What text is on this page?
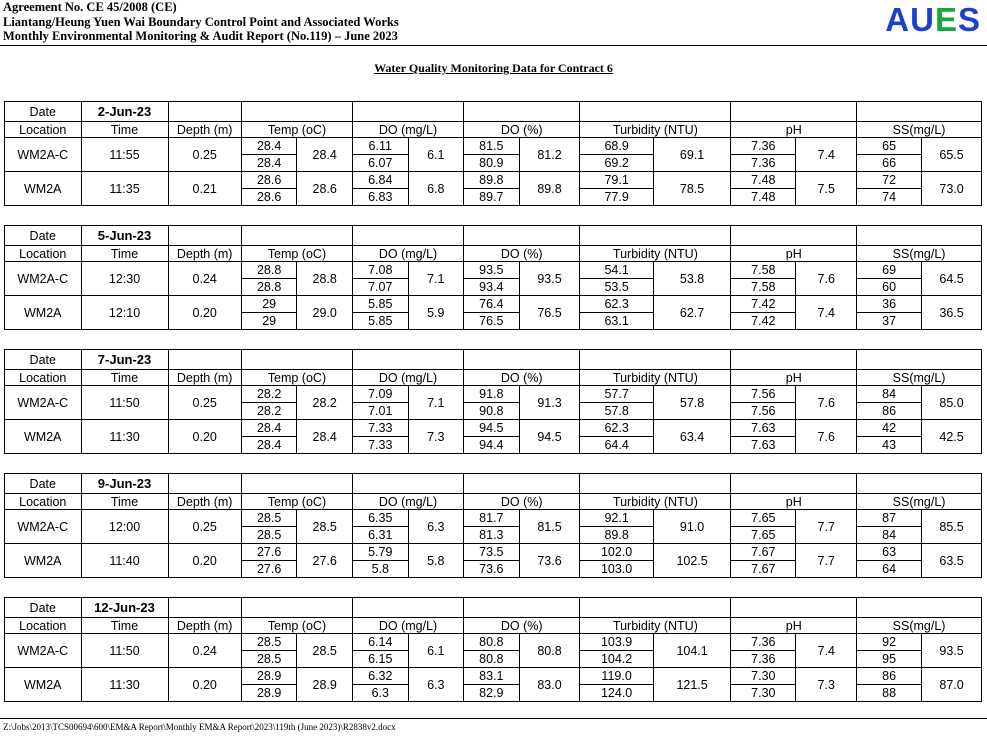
Agreement No. CE 45/2008 (CE)
Liantang/Heung Yuen Wai Boundary Control Point and Associated Works
Monthly Environmental Monitoring & Audit Report (No.119) – June 2023	AUES
Water Quality Monitoring Data for Contract 6
Date	2-Jun-23													
Location	Time	Depth (m)	Temp (oC)		DO (mg/L)		DO (%)		Turbidity (NTU)		pH		SS(mg/L)	
WM2A-C	11:55	0.25	28.4	28.4	6.11	6.1	81.5	81.2	68.9	69.1	7.36	7.4	65	65.5
			28.4		6.07		80.9		69.2		7.36		66	
WM2A	11:35	0.21	28.6	28.6	6.84	6.8	89.8	89.8	79.1	78.5	7.48	7.5	72	73.0
			28.6		6.83		89.7		77.9		7.48		74	
Date	5-Jun-23													
Location	Time	Depth (m)	Temp (oC)		DO (mg/L)		DO (%)		Turbidity (NTU)		pH		SS(mg/L)	
WM2A-C	12:30	0.24	28.8	28.8	7.08	7.1	93.5	93.5	54.1	53.8	7.58	7.6	69	64.5
			28.8		7.07		93.4		53.5		7.58		60	
WM2A	12:10	0.20	29	29.0	5.85	5.9	76.4	76.5	62.3	62.7	7.42	7.4	36	36.5
			29		5.85		76.5		63.1		7.42		37	
Date	7-Jun-23													
Location	Time	Depth (m)	Temp (oC)		DO (mg/L)		DO (%)		Turbidity (NTU)		pH		SS(mg/L)	
WM2A-C	11:50	0.25	28.2	28.2	7.09	7.1	91.8	91.3	57.7	57.8	7.56	7.6	84	85.0
			28.2		7.01		90.8		57.8		7.56		86	
WM2A	11:30	0.20	28.4	28.4	7.33	7.3	94.5	94.5	62.3	63.4	7.63	7.6	42	42.5
			28.4		7.33		94.4		64.4		7.63		43	
Date	9-Jun-23													
Location	Time	Depth (m)	Temp (oC)		DO (mg/L)		DO (%)		Turbidity (NTU)		pH		SS(mg/L)	
WM2A-C	12:00	0.25	28.5	28.5	6.35	6.3	81.7	81.5	92.1	91.0	7.65	7.7	87	85.5
			28.5		6.31		81.3		89.8		7.65		84	
WM2A	11:40	0.20	27.6	27.6	5.79	5.8	73.5	73.6	102.0	102.5	7.67	7.7	63	63.5
			27.6		5.8		73.6		103.0		7.67		64	
Date	12-Jun-23													
Location	Time	Depth (m)	Temp (oC)		DO (mg/L)		DO (%)		Turbidity (NTU)		pH		SS(mg/L)	
WM2A-C	11:50	0.24	28.5	28.5	6.14	6.1	80.8	80.8	103.9	104.1	7.36	7.4	92	93.5
			28.5		6.15		80.8		104.2		7.36		95	
WM2A	11:30	0.20	28.9	28.9	6.32	6.3	83.1	83.0	119.0	121.5	7.30	7.3	86	87.0
			28.9		6.3		82.9		124.0		7.30		88	
Z:\Jobs\2013\TCS00694\600\EM&A Report\Monthly EM&A Report\2023\119th (June 2023)\R2838v2.docx
